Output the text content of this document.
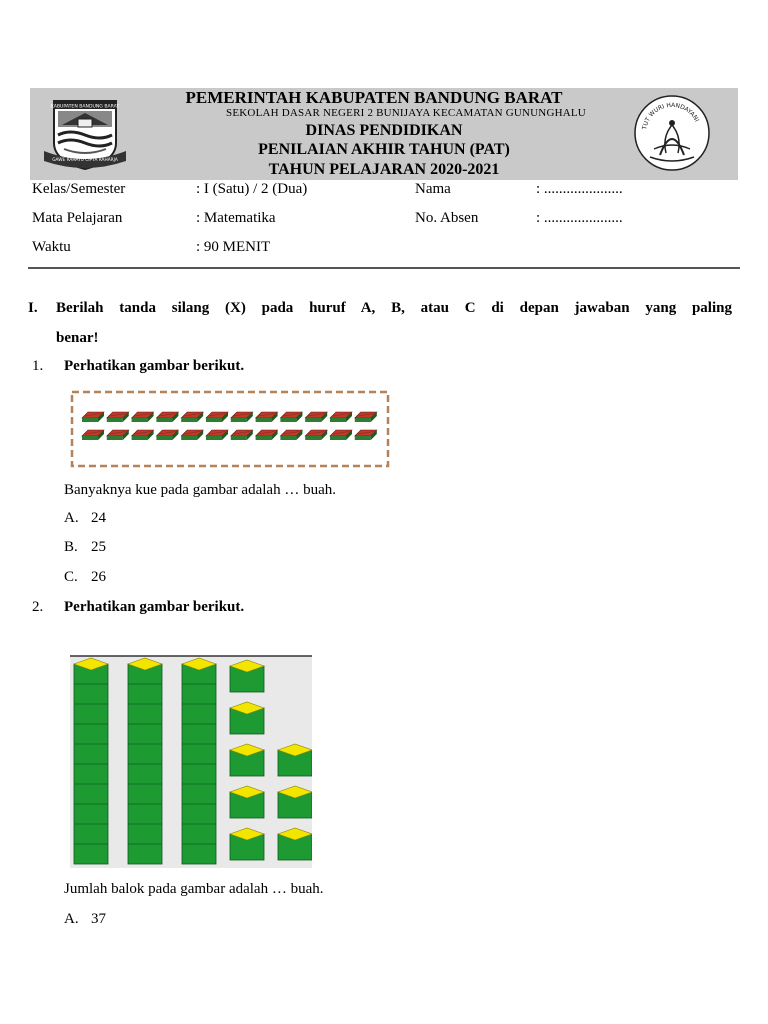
KABUPATEN BANDUNG BARAT
GAWE RAHAYU CIPTA RAHARJA
TUT WURI HANDAYANI
PEMERINTAH KABUPATEN BANDUNG BARAT
SEKOLAH DASAR NEGERI 2 BUNIJAYA KECAMATAN GUNUNGHALU
DINAS PENDIDIKAN
PENILAIAN AKHIR TAHUN (PAT)
TAHUN PELAJARAN 2020-2021
Kelas/Semester	: I (Satu) / 2 (Dua)	Nama	: .....................
Mata Pelajaran	: Matematika	No. Absen	: .....................
Waktu	: 90 MENIT
I. Berilah tanda silang (X) pada huruf A, B, atau C di depan jawaban yang paling
benar!
1. Perhatikan gambar berikut.
Banyaknya kue pada gambar adalah … buah.
A. 24
B. 25
C. 26
2. Perhatikan gambar berikut.
Jumlah balok pada gambar adalah … buah.
A. 37
